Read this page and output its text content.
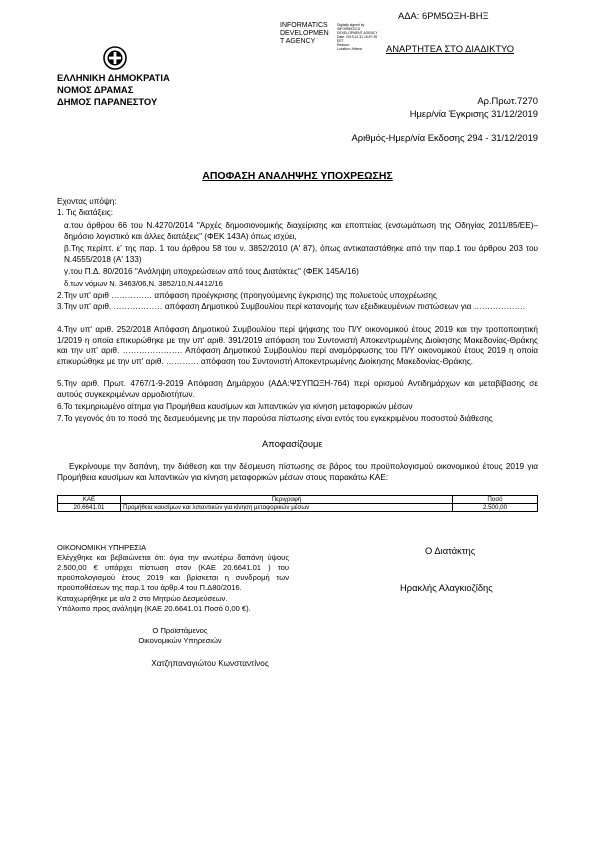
ΑΔΑ: 6ΡΜ5ΩΞΗ-ΒΗΞ
INFORMATICS
DEVELOPMEN
T AGENCY
Digitally signed by
INFORMATICS
DEVELOPMENT AGENCY
Date: 2019.12.31 15:57:35
EET
Reason:
Location: Athens	ΑΝΑΡΤΗΤΕΑ ΣΤΟ ΔΙΑΔΙΚΤΥΟ
ΕΛΛΗΝΙΚΗ ΔΗΜΟΚΡΑΤΙΑ
ΝΟΜΟΣ ΔΡΑΜΑΣ
ΔΗΜΟΣ ΠΑΡΑΝΕΣΤΟΥ	Αρ.Πρωτ.7270
Ημερ/νία Έγκρισης 31/12/2019
Αριθμός-Ημερ/νία Εκδοσης 294 - 31/12/2019
ΑΠΟΦΑΣΗ ΑΝΑΛΗΨΗΣ ΥΠΟΧΡΕΩΣΗΣ
Εχοντας υπόψη:
1. Τις διατάξεις:
α.του άρθρου 66 του Ν.4270/2014 "Αρχές δημοσιονομικής διαχείρισης και εποπτείας (ενσωμάτωση της Οδηγίας 2011/85/ΕΕ)–δημόσιο λογιστικό και άλλες διατάξεις" (ΦΕΚ 143Α) όπως ισχύει,
β.Της περίπτ. ε' της παρ. 1 του άρθρου 58 του ν. 3852/2010 (Α' 87), όπως αντικαταστάθηκε από την παρ.1 του άρθρου 203 του Ν.4555/2018 (Α' 133)
γ.του Π.Δ. 80/2016 "Ανάληψη υποχρεώσεων από τους Διατάκτες" (ΦΕΚ 145Α/16)
δ.των νόμων Ν. 3463/06,Ν. 3852/10,Ν.4412/16
2.Την υπ' αριθ …………… απόφαση προέγκρισης (προηγούμενης έγκρισης) της πολυετούς υποχρέωσης
3.Την υπ' αριθ. ……………… απόφαση Δημοτικού Συμβουλίου περί κατανομής των εξειδικευμένων πιστώσεων για ……………….
4.Την υπ' αριθ. 252/2018 Απόφαση Δημοτικού Συμβουλίου περί ψήφισης του Π/Υ οικονομικού έτους 2019 και την τροποποιητική 1/2019 η οποία επικυρώθηκε με την υπ' αριθ. 391/2019 απόφαση του Συντονιστή Αποκεντρωμένης Διοίκησης Μακεδονίας-Θράκης και την υπ' αριθ. …………………. Απόφαση Δημοτικού Συμβουλίου περί αναμόρφωσης του Π/Υ οικονομικού έτους 2019 η οποία επικυρώθηκε με την υπ' αριθ. ………… απόφαση του Συντονιστή Αποκεντρωμένης Διοίκησης Μακεδονίας-Θράκης.
5.Την αριθ. Πρωτ. 4767/1-9-2019 Απόφαση Δημάρχου (ΑΔΑ:ΨΣΥΠΩΞΗ-764) περί ορισμού Αντιδημάρχων και μεταβίβασης σε αυτούς συγκεκριμένων αρμοδιοτήτων.
6.Το τεκμηριωμένο αίτημα για Προμήθεια καυσίμων και λιπαντικών για κίνηση μεταφορικών μέσων
7.Το γεγονός ότι το ποσό της δεσμευόμενης με την παρούσα πίστωσης είναι εντός του εγκεκριμένου ποσοστού διάθεσης
Αποφασίζουμε
Εγκρίνουμε την δαπάνη, την διάθεση και την δέσμευση πίστωσης σε βάρος του προϋπολογισμού οικονομικού έτους 2019 για Προμήθεια καυσίμων και λιπαντικών για κίνηση μεταφορικών μέσων στους παρακάτω ΚΑΕ:
ΚΑΕ	Περιγραφή	Ποσό
20.6641.01	Προμήθεια καυσίμων και λιπαντικών για κίνηση μεταφορικών μέσων	2.500,00
ΟΙΚΟΝΟΜΙΚΗ ΥΠΗΡΕΣΙΑ
Ελέγχθηκε και βεβαιώνεται ότι: όγια την ανωτέρω δαπάνη ύψους 2.500,00 € υπάρχει πίστωση στον (ΚΑΕ 20.6641.01 ) του προϋπολογισμού έτους 2019 και βρίσκεται η συνδρομή των προϋποθέσεων της παρ.1 του άρθρ.4 του Π.Δ80/2016.
Καταχωρήθηκε με α/α 2 στο Μητρώο Δεσμεύσεων.
Υπόλοιπο προς ανάληψη (ΚΑΕ 20.6641.01 Ποσό 0,00 €).
Ο Προϊστάμενος
Οικονομικών Υπηρεσιών
Χατζηπαναγιώτου Κωνσταντίνος
Ο Διατάκτης
Ηρακλής Αλαγκιοζίδης
